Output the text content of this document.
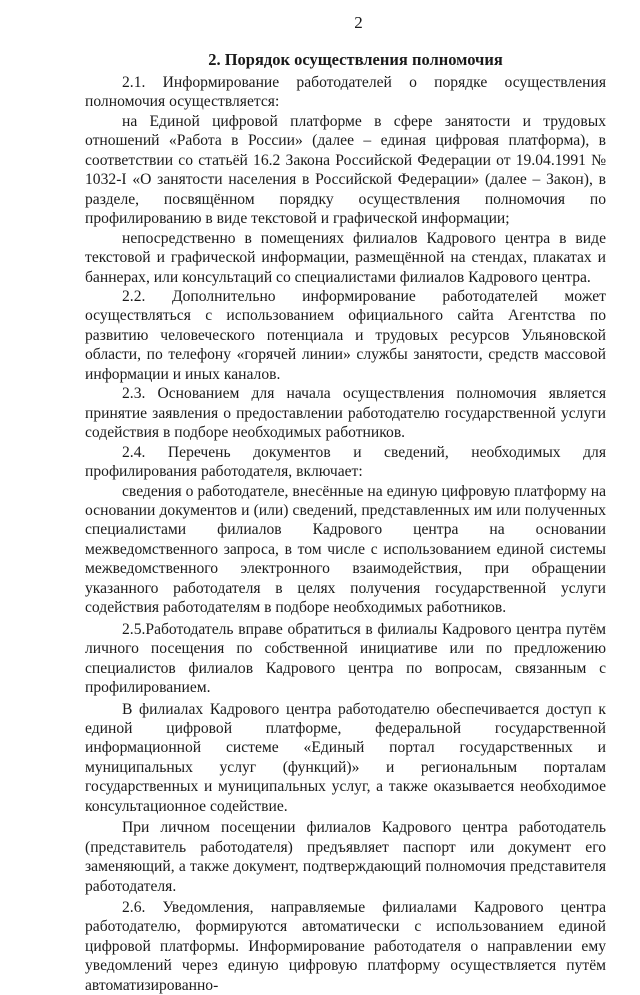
2
2. Порядок осуществления полномочия

2.1. Информирование работодателей о порядке осуществления полномочия осуществляется:

на Единой цифровой платформе в сфере занятости и трудовых отношений «Работа в России» (далее – единая цифровая платформа), в соответствии со статьёй 16.2 Закона Российской Федерации от 19.04.1991 № 1032-I «О занятости населения в Российской Федерации» (далее – Закон), в разделе, посвящённом порядку осуществления полномочия по профилированию в виде текстовой и графической информации;

непосредственно в помещениях филиалов Кадрового центра в виде текстовой и графической информации, размещённой на стендах, плакатах и баннерах, или консультаций со специалистами филиалов Кадрового центра.

2.2. Дополнительно информирование работодателей может осуществляться с использованием официального сайта Агентства по развитию человеческого потенциала и трудовых ресурсов Ульяновской области, по телефону «горячей линии» службы занятости, средств массовой информации и иных каналов.

2.3. Основанием для начала осуществления полномочия является принятие заявления о предоставлении работодателю государственной услуги содействия в подборе необходимых работников.

2.4. Перечень документов и сведений, необходимых для профилирования работодателя, включает:

сведения о работодателе, внесённые на единую цифровую платформу на основании документов и (или) сведений, представленных им или полученных специалистами филиалов Кадрового центра на основании межведомственного запроса, в том числе с использованием единой системы межведомственного электронного взаимодействия, при обращении указанного работодателя в целях получения государственной услуги содействия работодателям в подборе необходимых работников.

2.5.Работодатель вправе обратиться в филиалы Кадрового центра путём личного посещения по собственной инициативе или по предложению специалистов филиалов Кадрового центра по вопросам, связанным с профилированием.

В филиалах Кадрового центра работодателю обеспечивается доступ к единой цифровой платформе, федеральной государственной информационной системе «Единый портал государственных и муниципальных услуг (функций)» и региональным порталам государственных и муниципальных услуг, а также оказывается необходимое консультационное содействие.

При личном посещении филиалов Кадрового центра работодатель (представитель работодателя) предъявляет паспорт или документ его заменяющий, а также документ, подтверждающий полномочия представителя работодателя.

2.6. Уведомления, направляемые филиалами Кадрового центра работодателю, формируются автоматически с использованием единой цифровой платформы. Информирование работодателя о направлении ему уведомлений через единую цифровую платформу осуществляется путём автоматизированно-
